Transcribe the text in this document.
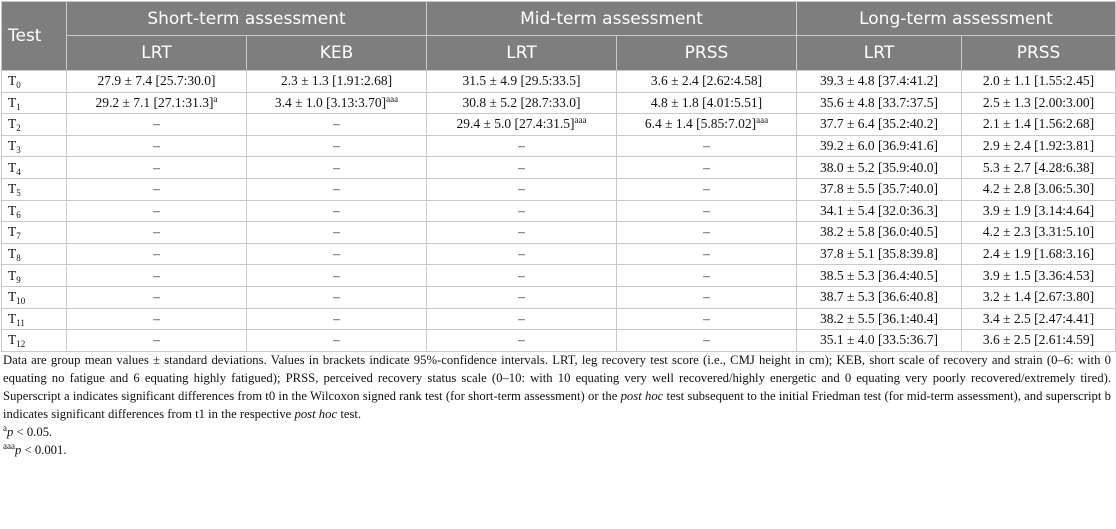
Test	Short-term assessment		Mid-term assessment		Long-term assessment	
	LRT	KEB	LRT	PRSS	LRT	PRSS
$T_0$	27.9 ± 7.4 [25.7:30.0]	2.3 ± 1.3 [1.91:2.68]	31.5 ± 4.9 [29.5:33.5]	3.6 ± 2.4 [2.62:4.58]	39.3 ± 4.8 [37.4:41.2]	2.0 ± 1.1 [1.55:2.45]
$T_1$	29.2 ± 7.1 [27.1:31.3]$^a$	3.4 ± 1.0 [3.13:3.70]$^{aaa}$	30.8 ± 5.2 [28.7:33.0]	4.8 ± 1.8 [4.01:5.51]	35.6 ± 4.8 [33.7:37.5]	2.5 ± 1.3 [2.00:3.00]
$T_2$	–	–	29.4 ± 5.0 [27.4:31.5]$^{aaa}$	6.4 ± 1.4 [5.85:7.02]$^{aaa}$	37.7 ± 6.4 [35.2:40.2]	2.1 ± 1.4 [1.56:2.68]
$T_3$	–	–	–	–	39.2 ± 6.0 [36.9:41.6]	2.9 ± 2.4 [1.92:3.81]
$T_4$	–	–	–	–	38.0 ± 5.2 [35.9:40.0]	5.3 ± 2.7 [4.28:6.38]
$T_5$	–	–	–	–	37.8 ± 5.5 [35.7:40.0]	4.2 ± 2.8 [3.06:5.30]
$T_6$	–	–	–	–	34.1 ± 5.4 [32.0:36.3]	3.9 ± 1.9 [3.14:4.64]
$T_7$	–	–	–	–	38.2 ± 5.8 [36.0:40.5]	4.2 ± 2.3 [3.31:5.10]
$T_8$	–	–	–	–	37.8 ± 5.1 [35.8:39.8]	2.4 ± 1.9 [1.68:3.16]
$T_9$	–	–	–	–	38.5 ± 5.3 [36.4:40.5]	3.9 ± 1.5 [3.36:4.53]
$T_{10}$	–	–	–	–	38.7 ± 5.3 [36.6:40.8]	3.2 ± 1.4 [2.67:3.80]
$T_{11}$	–	–	–	–	38.2 ± 5.5 [36.1:40.4]	3.4 ± 2.5 [2.47:4.41]
$T_{12}$	–	–	–	–	35.1 ± 4.0 [33.5:36.7]	3.6 ± 2.5 [2.61:4.59]

Data are group mean values ± standard deviations. Values in brackets indicate 95%-confidence intervals. LRT, leg recovery test score (i.e., CMJ height in cm); KEB, short scale of recovery and strain (0–6: with 0 equating no fatigue and 6 equating highly fatigued); PRSS, perceived recovery status scale (0–10: with 10 equating very well recovered/highly energetic and 0 equating very poorly recovered/extremely tired). Superscript a indicates significant differences from t0 in the Wilcoxon signed rank test (for short-term assessment) or the post hoc test subsequent to the initial Friedman test (for mid-term assessment), and superscript b indicates significant differences from t1 in the respective post hoc test.

$^a$p < 0.05.

$^{aaa}$p < 0.001.
